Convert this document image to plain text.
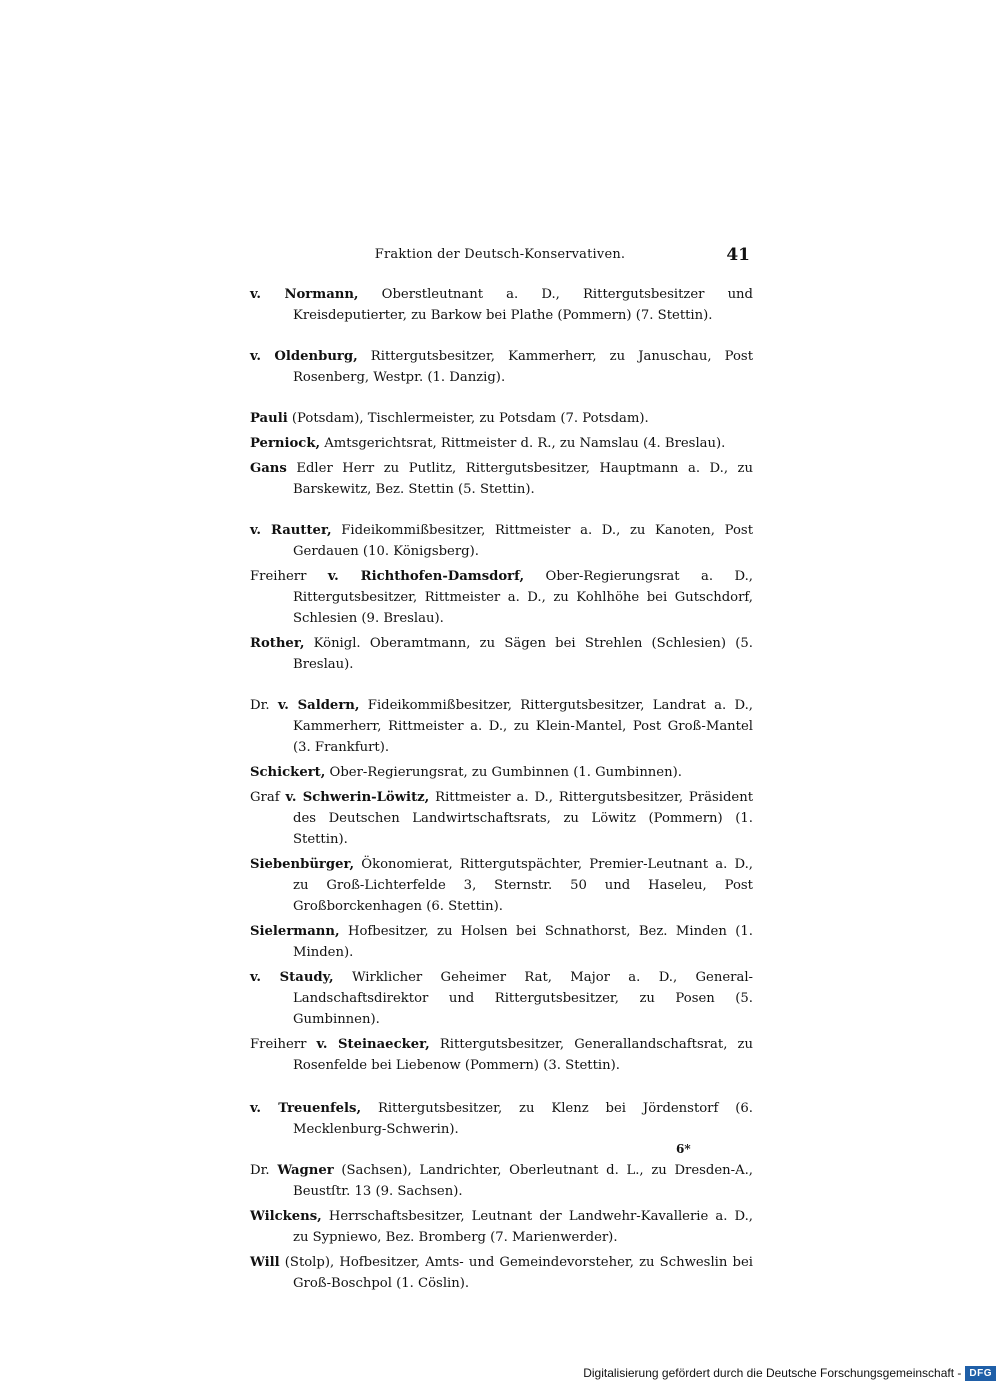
Fraktion der Deutsch-Konservativen.	41

v. Normann, Oberstleutnant a. D., Rittergutsbesitzer und Kreisdeputierter, zu Barkow bei Plathe (Pommern) (7. Stettin).

v. Oldenburg, Rittergutsbesitzer, Kammerherr, zu Januschau, Post Rosenberg, Westpr. (1. Danzig).

Pauli (Potsdam), Tischlermeister, zu Potsdam (7. Potsdam).

Perniock, Amtsgerichtsrat, Rittmeister d. R., zu Namslau (4. Breslau).

Gans Edler Herr zu Putlitz, Rittergutsbesitzer, Hauptmann a. D., zu Barskewitz, Bez. Stettin (5. Stettin).

v. Rautter, Fideikommißbesitzer, Rittmeister a. D., zu Kanoten, Post Gerdauen (10. Königsberg).

Freiherr v. Richthofen-Damsdorf, Ober-Regierungsrat a. D., Rittergutsbesitzer, Rittmeister a. D., zu Kohlhöhe bei Gutschdorf, Schlesien (9. Breslau).

Rother, Königl. Oberamtmann, zu Sägen bei Strehlen (Schlesien) (5. Breslau).

Dr. v. Saldern, Fideikommißbesitzer, Rittergutsbesitzer, Landrat a. D., Kammerherr, Rittmeister a. D., zu Klein-Mantel, Post Groß-Mantel (3. Frankfurt).

Schickert, Ober-Regierungsrat, zu Gumbinnen (1. Gumbinnen).

Graf v. Schwerin-Löwitz, Rittmeister a. D., Rittergutsbesitzer, Präsident des Deutschen Landwirtschaftsrats, zu Löwitz (Pommern) (1. Stettin).

Siebenbürger, Ökonomierat, Rittergutspächter, Premier-Leutnant a. D., zu Groß-Lichterfelde 3, Sternstr. 50 und Haseleu, Post Großborckenhagen (6. Stettin).

Sielermann, Hofbesitzer, zu Holsen bei Schnathorst, Bez. Minden (1. Minden).

v. Staudy, Wirklicher Geheimer Rat, Major a. D., General-Landschaftsdirektor und Rittergutsbesitzer, zu Posen (5. Gumbinnen).

Freiherr v. Steinaecker, Rittergutsbesitzer, Generallandschaftsrat, zu Rosenfelde bei Liebenow (Pommern) (3. Stettin).

v. Treuenfels, Rittergutsbesitzer, zu Klenz bei Jördenstorf (6. Mecklenburg-Schwerin).

Dr. Wagner (Sachsen), Landrichter, Oberleutnant d. L., zu Dresden-A., Beustſtr. 13 (9. Sachsen).

Wilckens, Herrschaftsbesitzer, Leutnant der Landwehr-Kavallerie a. D., zu Sypniewo, Bez. Bromberg (7. Marienwerder).

Will (Stolp), Hofbesitzer, Amts- und Gemeindevorsteher, zu Schweslin bei Groß-Boschpol (1. Cöslin).

6*
Digitalisierung gefördert durch die Deutsche Forschungsgemeinschaft - DFG
